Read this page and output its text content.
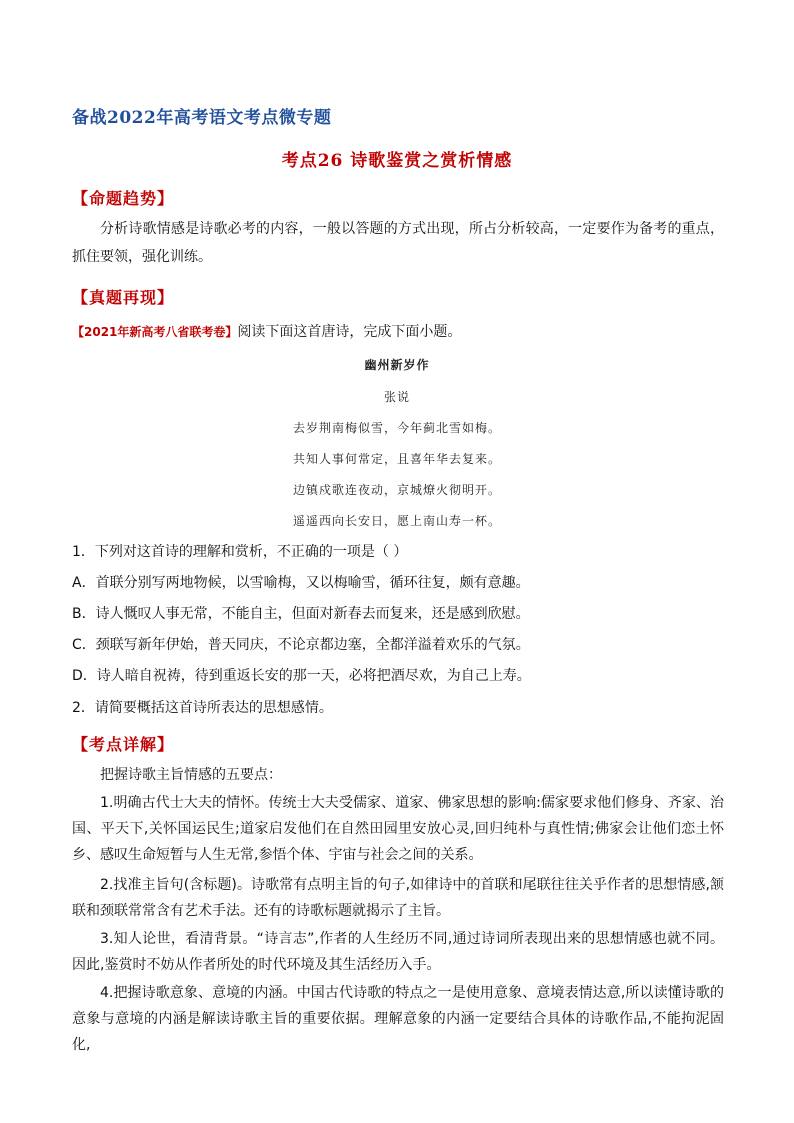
备战2022年高考语文考点微专题
考点26 诗歌鉴赏之赏析情感
【命题趋势】

分析诗歌情感是诗歌必考的内容，一般以答题的方式出现，所占分析较高，一定要作为备考的重点，抓住要领，强化训练。

【真题再现】
【2021年新高考八省联考卷】阅读下面这首唐诗，完成下面小题。
幽州新岁作
张说
去岁荆南梅似雪，今年蓟北雪如梅。
共知人事何常定，且喜年华去复来。
边镇戍歌连夜动，京城燎火彻明开。
遥遥西向长安日，愿上南山寿一杯。
1．下列对这首诗的理解和赏析，不正确的一项是（ ）
A．首联分别写两地物候，以雪喻梅，又以梅喻雪，循环往复，颇有意趣。
B．诗人慨叹人事无常，不能自主，但面对新春去而复来，还是感到欣慰。
C．颈联写新年伊始，普天同庆，不论京都边塞，全都洋溢着欢乐的气氛。
D．诗人暗自祝祷，待到重返长安的那一天，必将把酒尽欢，为自己上寿。
2．请简要概括这首诗所表达的思想感情。
【考点详解】

把握诗歌主旨情感的五要点：

1.明确古代士大夫的情怀。传统士大夫受儒家、道家、佛家思想的影响:儒家要求他们修身、齐家、治国、平天下,关怀国运民生;道家启发他们在自然田园里安放心灵,回归纯朴与真性情;佛家会让他们恋土怀乡、感叹生命短暂与人生无常,参悟个体、宇宙与社会之间的关系。

2.找准主旨句(含标题)。诗歌常有点明主旨的句子,如律诗中的首联和尾联往往关乎作者的思想情感,颔联和颈联常常含有艺术手法。还有的诗歌标题就揭示了主旨。

3.知人论世，看清背景。“诗言志”,作者的人生经历不同,通过诗词所表现出来的思想情感也就不同。因此,鉴赏时不妨从作者所处的时代环境及其生活经历入手。

4.把握诗歌意象、意境的内涵。中国古代诗歌的特点之一是使用意象、意境表情达意,所以读懂诗歌的意象与意境的内涵是解读诗歌主旨的重要依据。理解意象的内涵一定要结合具体的诗歌作品,不能拘泥固化,
